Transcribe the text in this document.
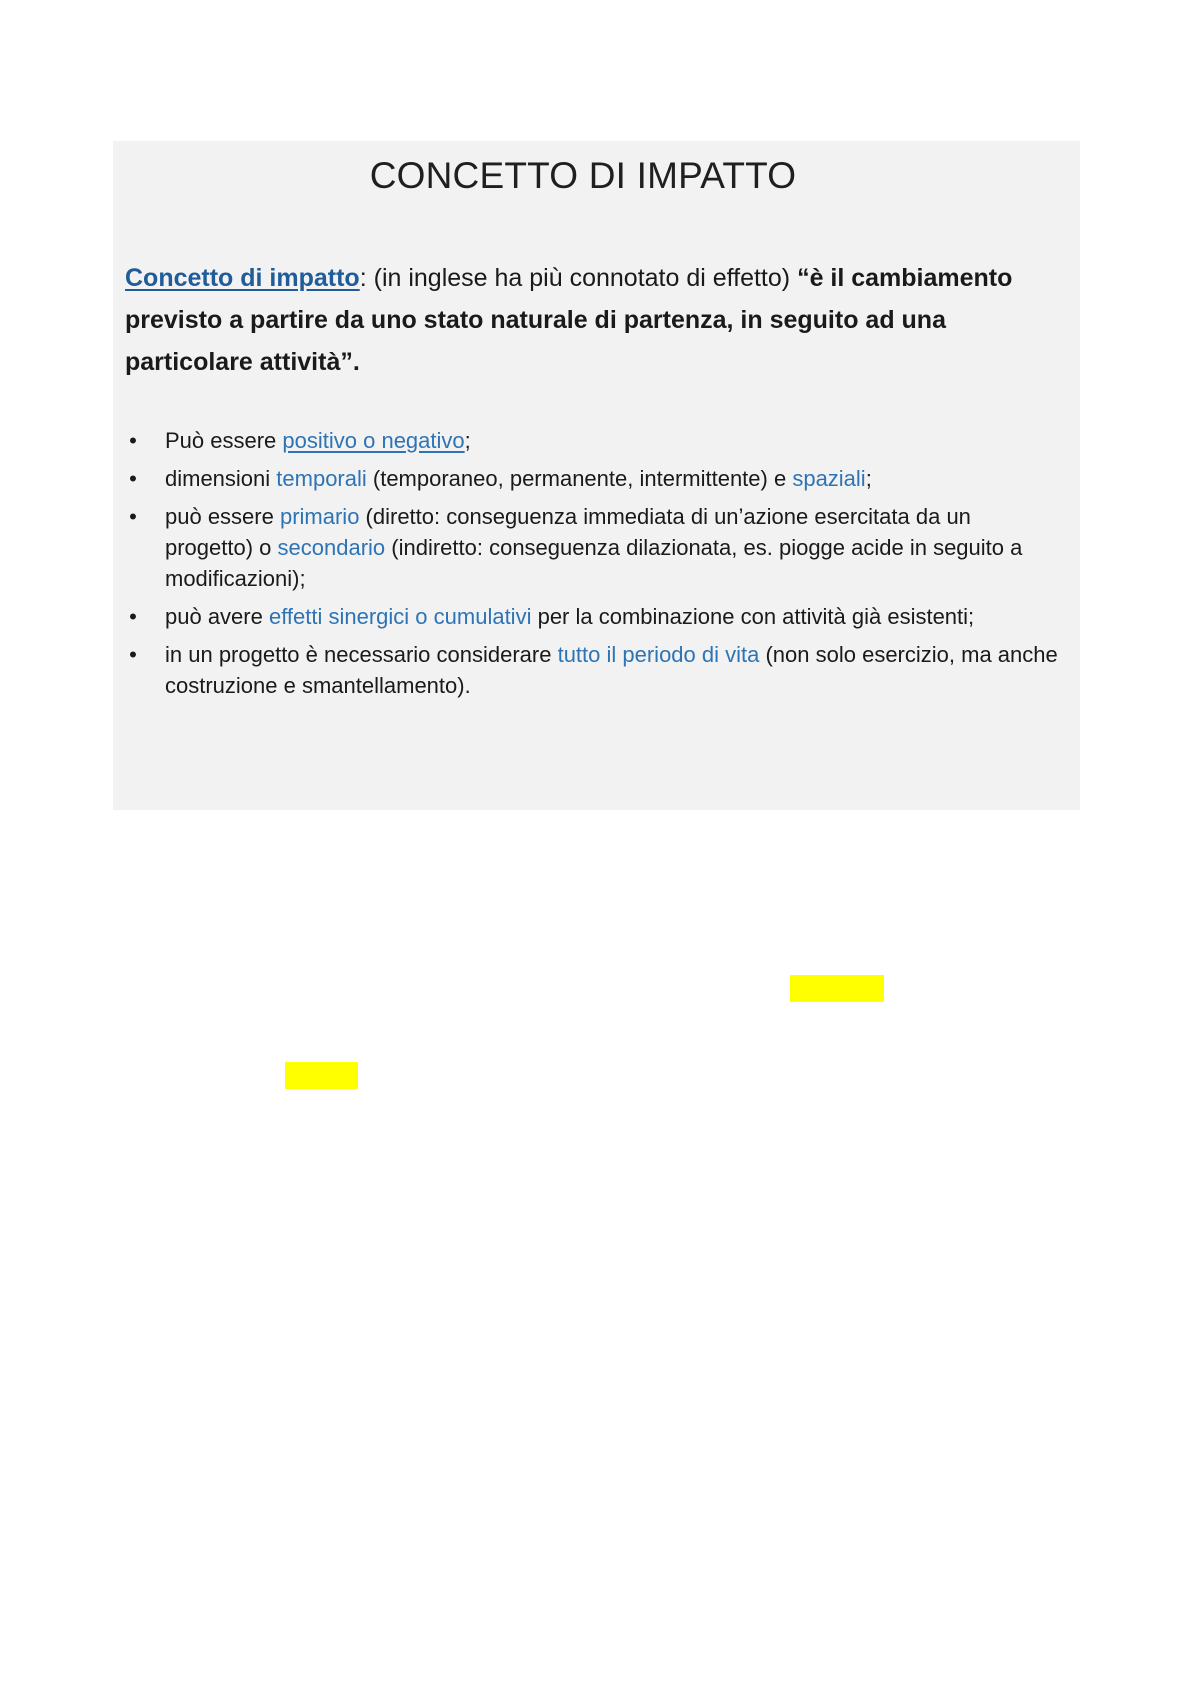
CONCETTO DI IMPATTO
Concetto di impatto: (in inglese ha più connotato di effetto) “è il cambiamento previsto a partire da uno stato naturale di partenza, in seguito ad una particolare attività”.
• Può essere positivo o negativo;
• dimensioni temporali (temporaneo, permanente, intermittente) e spaziali;
• può essere primario (diretto: conseguenza immediata di un’azione esercitata da un progetto) o secondario (indiretto: conseguenza dilazionata, es. piogge acide in seguito a modificazioni);
• può avere effetti sinergici o cumulativi per la combinazione con attività già esistenti;
• in un progetto è necessario considerare tutto il periodo di vita (non solo esercizio, ma anche costruzione e smantellamento).
